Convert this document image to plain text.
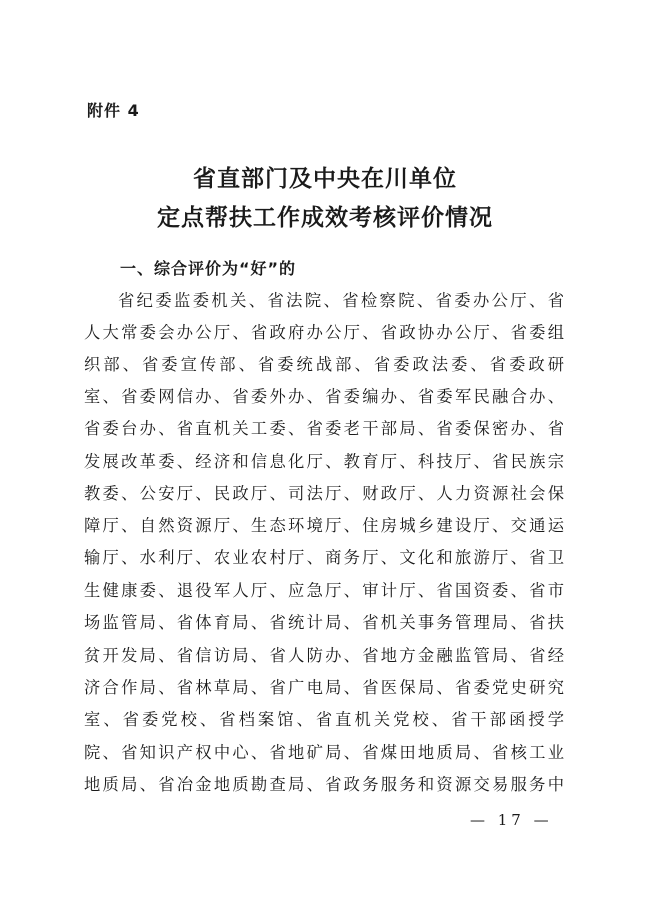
附件 4
省直部门及中央在川单位
定点帮扶工作成效考核评价情况
一、综合评价为“好”的
省纪委监委机关、省法院、省检察院、省委办公厅、省
人大常委会办公厅、省政府办公厅、省政协办公厅、省委组
织部、省委宣传部、省委统战部、省委政法委、省委政研
室、省委网信办、省委外办、省委编办、省委军民融合办、
省委台办、省直机关工委、省委老干部局、省委保密办、省
发展改革委、经济和信息化厅、教育厅、科技厅、省民族宗
教委、公安厅、民政厅、司法厅、财政厅、人力资源社会保
障厅、自然资源厅、生态环境厅、住房城乡建设厅、交通运
输厅、水利厅、农业农村厅、商务厅、文化和旅游厅、省卫
生健康委、退役军人厅、应急厅、审计厅、省国资委、省市
场监管局、省体育局、省统计局、省机关事务管理局、省扶
贫开发局、省信访局、省人防办、省地方金融监管局、省经
济合作局、省林草局、省广电局、省医保局、省委党史研究
室、省委党校、省档案馆、省直机关党校、省干部函授学
院、省知识产权中心、省地矿局、省煤田地质局、省核工业
地质局、省冶金地质勘查局、省政务服务和资源交易服务中
— 17 —
